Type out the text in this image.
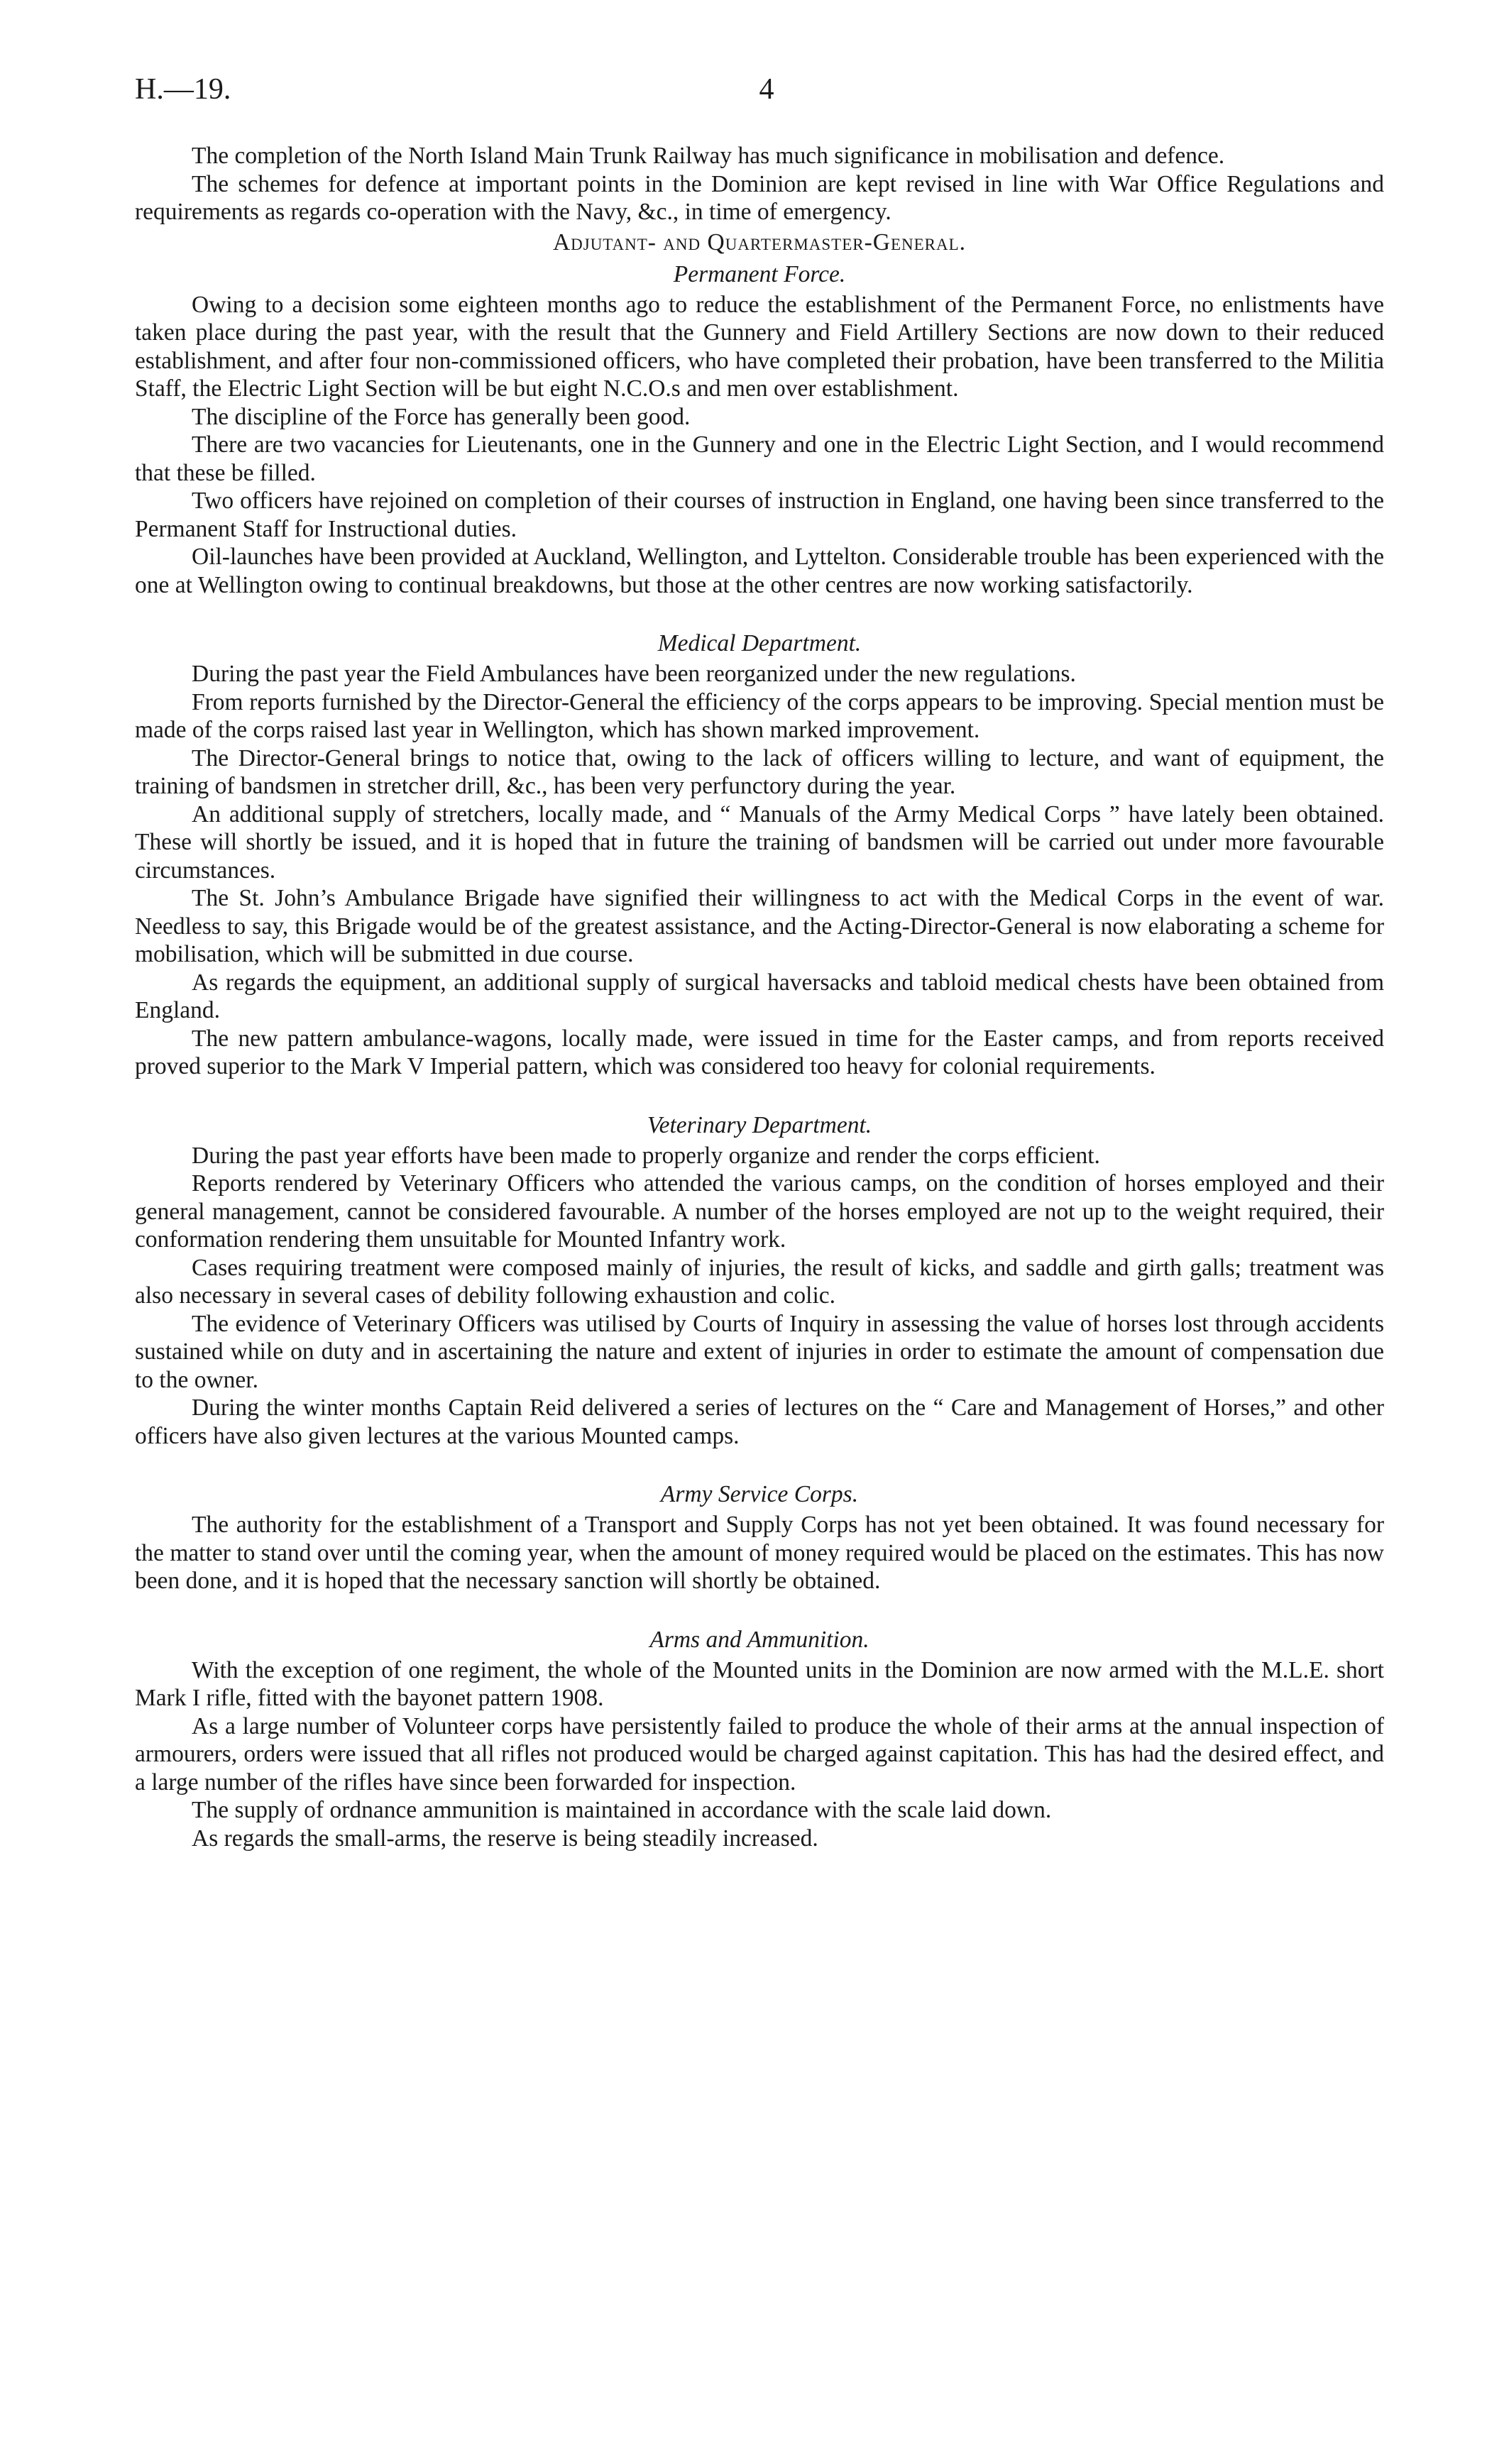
H.—19.	4

The completion of the North Island Main Trunk Railway has much significance in mobilisation and defence.

The schemes for defence at important points in the Dominion are kept revised in line with War Office Regulations and requirements as regards co-operation with the Navy, &c., in time of emergency.

Adjutant- and Quartermaster-General.
Permanent Force.

Owing to a decision some eighteen months ago to reduce the establishment of the Permanent Force, no enlistments have taken place during the past year, with the result that the Gunnery and Field Artillery Sections are now down to their reduced establishment, and after four non-commissioned officers, who have completed their probation, have been transferred to the Militia Staff, the Electric Light Section will be but eight N.C.O.s and men over establishment.

The discipline of the Force has generally been good.

There are two vacancies for Lieutenants, one in the Gunnery and one in the Electric Light Section, and I would recommend that these be filled.

Two officers have rejoined on completion of their courses of instruction in England, one having been since transferred to the Permanent Staff for Instructional duties.

Oil-launches have been provided at Auckland, Wellington, and Lyttelton. Considerable trouble has been experienced with the one at Wellington owing to continual breakdowns, but those at the other centres are now working satisfactorily.

Medical Department.

During the past year the Field Ambulances have been reorganized under the new regulations.

From reports furnished by the Director-General the efficiency of the corps appears to be improving. Special mention must be made of the corps raised last year in Wellington, which has shown marked improvement.

The Director-General brings to notice that, owing to the lack of officers willing to lecture, and want of equipment, the training of bandsmen in stretcher drill, &c., has been very perfunctory during the year.

An additional supply of stretchers, locally made, and “ Manuals of the Army Medical Corps ” have lately been obtained. These will shortly be issued, and it is hoped that in future the training of bandsmen will be carried out under more favourable circumstances.

The St. John’s Ambulance Brigade have signified their willingness to act with the Medical Corps in the event of war. Needless to say, this Brigade would be of the greatest assistance, and the Acting-Director-General is now elaborating a scheme for mobilisation, which will be submitted in due course.

As regards the equipment, an additional supply of surgical haversacks and tabloid medical chests have been obtained from England.

The new pattern ambulance-wagons, locally made, were issued in time for the Easter camps, and from reports received proved superior to the Mark V Imperial pattern, which was considered too heavy for colonial requirements.

Veterinary Department.

During the past year efforts have been made to properly organize and render the corps efficient.

Reports rendered by Veterinary Officers who attended the various camps, on the condition of horses employed and their general management, cannot be considered favourable. A number of the horses employed are not up to the weight required, their conformation rendering them unsuitable for Mounted Infantry work.

Cases requiring treatment were composed mainly of injuries, the result of kicks, and saddle and girth galls; treatment was also necessary in several cases of debility following exhaustion and colic.

The evidence of Veterinary Officers was utilised by Courts of Inquiry in assessing the value of horses lost through accidents sustained while on duty and in ascertaining the nature and extent of injuries in order to estimate the amount of compensation due to the owner.

During the winter months Captain Reid delivered a series of lectures on the “ Care and Management of Horses,” and other officers have also given lectures at the various Mounted camps.

Army Service Corps.

The authority for the establishment of a Transport and Supply Corps has not yet been obtained. It was found necessary for the matter to stand over until the coming year, when the amount of money required would be placed on the estimates. This has now been done, and it is hoped that the necessary sanction will shortly be obtained.

Arms and Ammunition.

With the exception of one regiment, the whole of the Mounted units in the Dominion are now armed with the M.L.E. short Mark I rifle, fitted with the bayonet pattern 1908.

As a large number of Volunteer corps have persistently failed to produce the whole of their arms at the annual inspection of armourers, orders were issued that all rifles not produced would be charged against capitation. This has had the desired effect, and a large number of the rifles have since been forwarded for inspection.

The supply of ordnance ammunition is maintained in accordance with the scale laid down.

As regards the small-arms, the reserve is being steadily increased.
